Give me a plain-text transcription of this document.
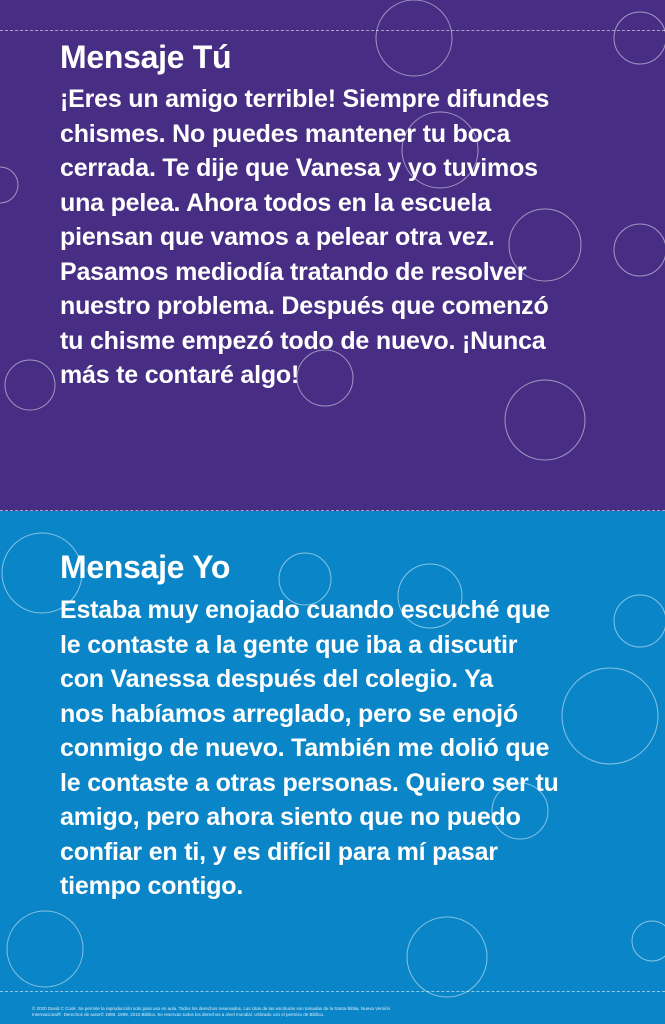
Mensaje Tú
¡Eres un amigo terrible! Siempre difundes
chismes. No puedes mantener tu boca
cerrada. Te dije que Vanesa y yo tuvimos
una pelea. Ahora todos en la escuela
piensan que vamos a pelear otra vez.
Pasamos mediodía tratando de resolver
nuestro problema. Después que comenzó
tu chisme empezó todo de nuevo. ¡Nunca
más te contaré algo!
Mensaje Yo
Estaba muy enojado cuando escuché que
le contaste a la gente que iba a discutir
con Vanessa después del colegio. Ya
nos habíamos arreglado, pero se enojó
conmigo de nuevo. También me dolió que
le contaste a otras personas. Quiero ser tu
amigo, pero ahora siento que no puedo
confiar en ti, y es difícil para mí pasar
tiempo contigo.

© 2020 David C Cook. Se permite la reproducción solo para uso en aula. Todos los derechos reservados. Las citas de las escrituras son tomadas de la Santa Biblia, Nueva Versión Internacional®. Derechos de autor© 1986, 1999, 2015 Biblica. Se reservan todos los derechos a nivel mundial. Utilizado con el permiso de Biblica.
